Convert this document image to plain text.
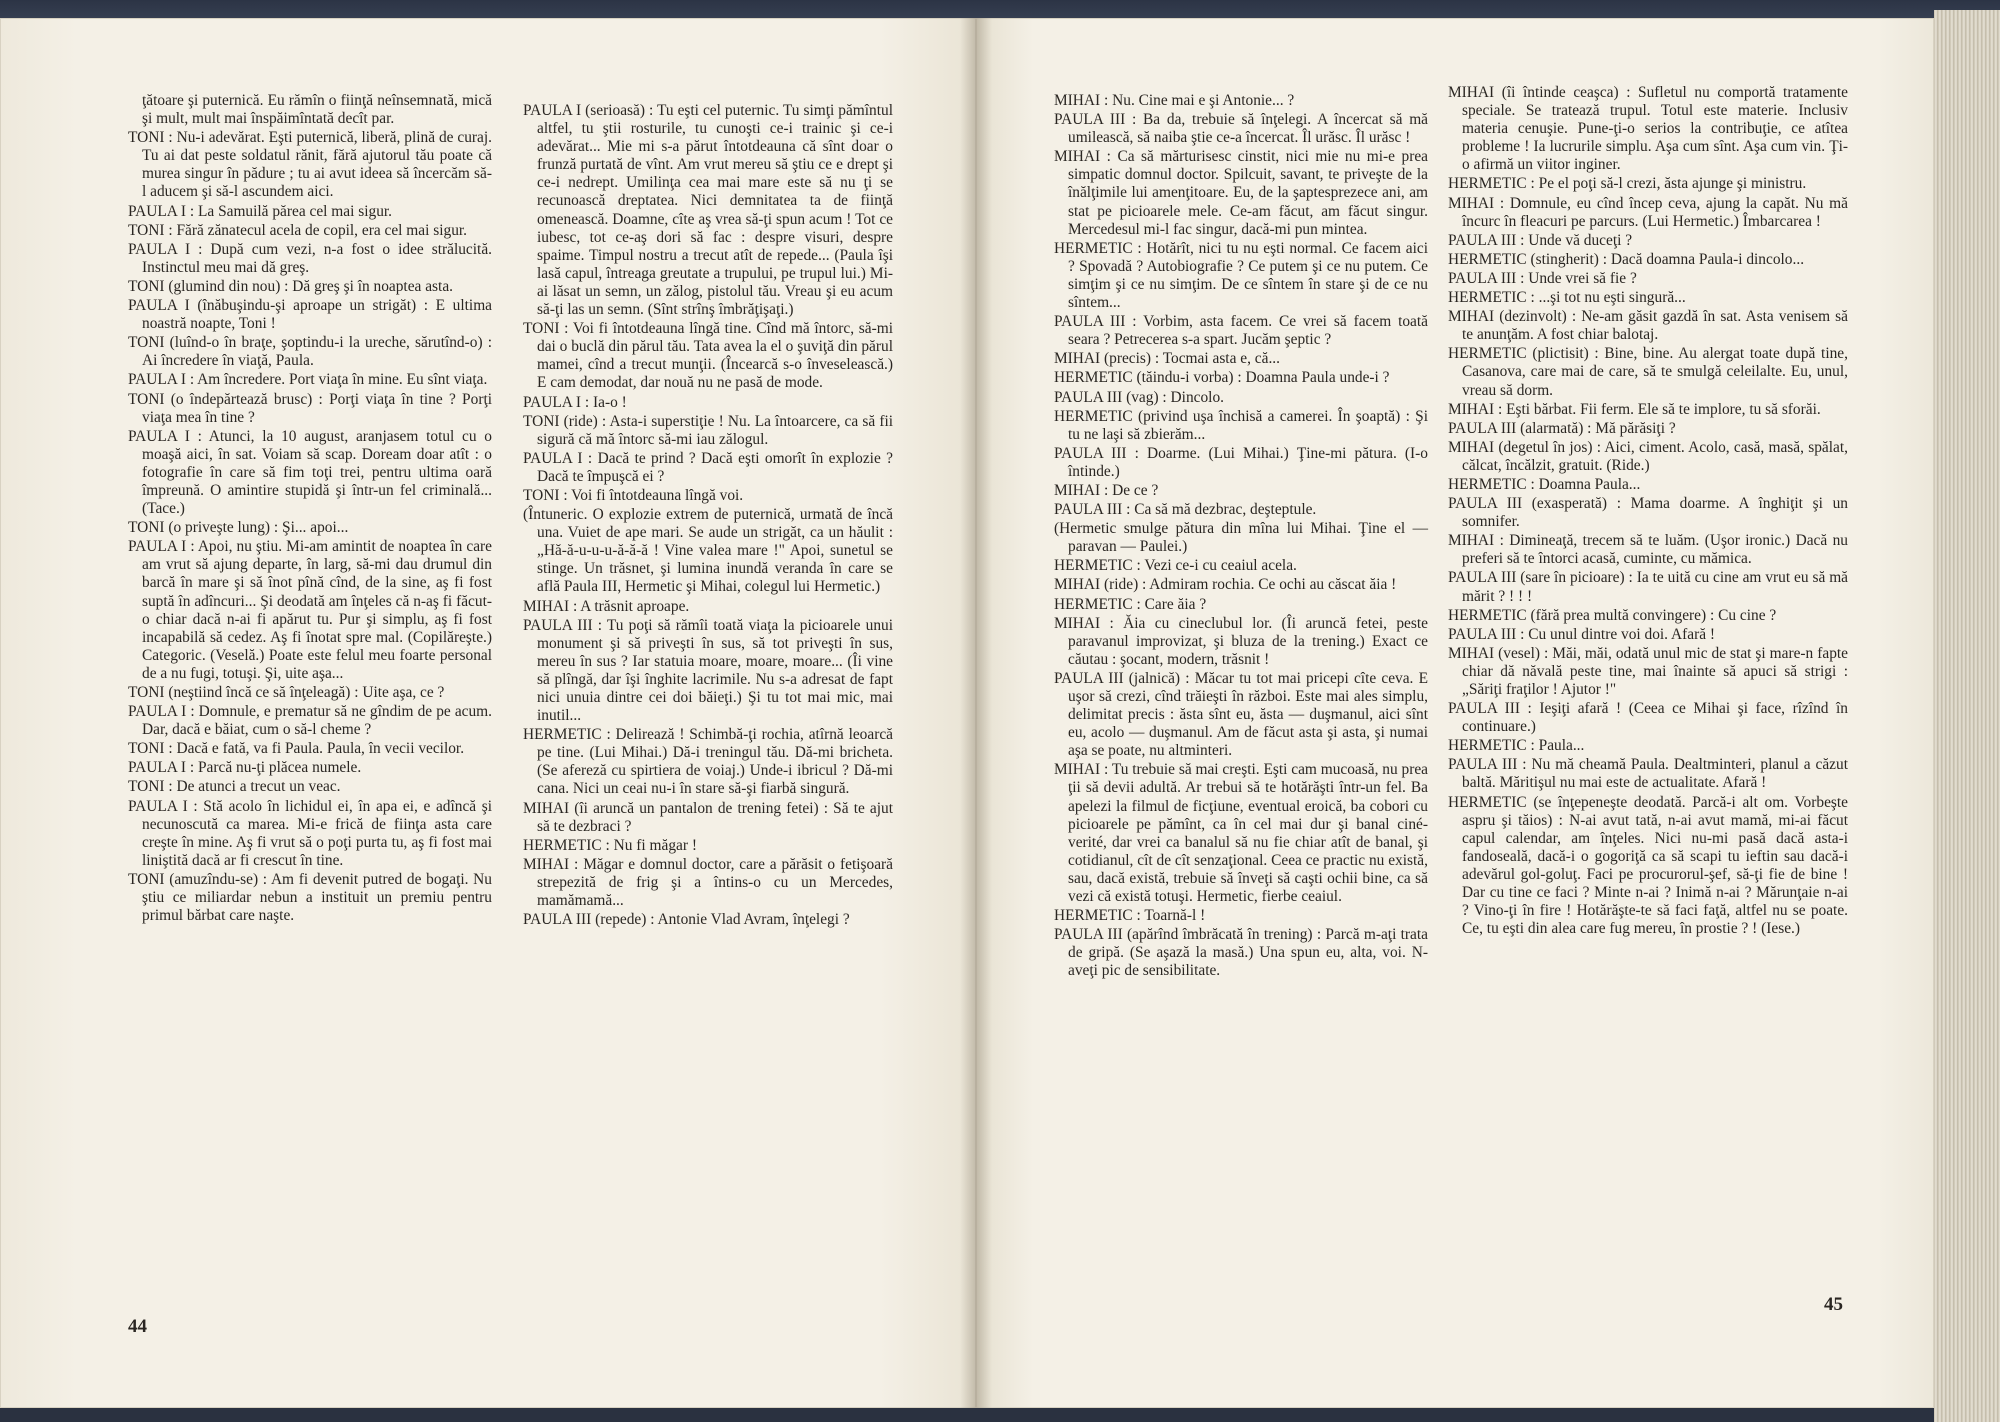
ţătoare şi puternică. Eu rămîn o fiinţă neînsemnată, mică şi mult, mult mai înspăimîntată decît par.

TONI : Nu-i adevărat. Eşti puternică, liberă, plină de curaj. Tu ai dat peste soldatul rănit, fără ajutorul tău poate că murea singur în pădure ; tu ai avut ideea să încercăm să-l aducem şi să-l ascundem aici.

PAULA I : La Samuilă părea cel mai sigur.

TONI : Fără zănatecul acela de copil, era cel mai sigur.

PAULA I : După cum vezi, n-a fost o idee strălucită. Instinctul meu mai dă greş.

TONI (glumind din nou) : Dă greş şi în noaptea asta.

PAULA I (înăbuşindu-şi aproape un strigăt) : E ultima noastră noapte, Toni !

TONI (luînd-o în braţe, şoptindu-i la ureche, sărutînd-o) : Ai încredere în viaţă, Paula.

PAULA I : Am încredere. Port viaţa în mine. Eu sînt viaţa.

TONI (o îndepărtează brusc) : Porţi viaţa în tine ? Porţi viaţa mea în tine ?

PAULA I : Atunci, la 10 august, aranjasem totul cu o moaşă aici, în sat. Voiam să scap. Doream doar atît : o fotografie în care să fim toţi trei, pentru ultima oară împreună. O amintire stupidă şi într-un fel criminală... (Tace.)

TONI (o priveşte lung) : Şi... apoi...

PAULA I : Apoi, nu ştiu. Mi-am amintit de noaptea în care am vrut să ajung departe, în larg, să-mi dau drumul din barcă în mare şi să înot pînă cînd, de la sine, aş fi fost suptă în adîncuri... Şi deodată am înţeles că n-aş fi făcut-o chiar dacă n-ai fi apărut tu. Pur şi simplu, aş fi fost incapabilă să cedez. Aş fi înotat spre mal. (Copilăreşte.) Categoric. (Veselă.) Poate este felul meu foarte personal de a nu fugi, totuşi. Şi, uite aşa...

TONI (neştiind încă ce să înţeleagă) : Uite aşa, ce ?

PAULA I : Domnule, e prematur să ne gîndim de pe acum. Dar, dacă e băiat, cum o să-l cheme ?

TONI : Dacă e fată, va fi Paula. Paula, în vecii vecilor.

PAULA I : Parcă nu-ţi plăcea numele.

TONI : De atunci a trecut un veac.

PAULA I : Stă acolo în lichidul ei, în apa ei, e adîncă şi necunoscută ca marea. Mi-e frică de fiinţa asta care creşte în mine. Aş fi vrut să o poţi purta tu, aş fi fost mai liniştită dacă ar fi crescut în tine.

TONI (amuzîndu-se) : Am fi devenit putred de bogaţi. Nu ştiu ce miliardar nebun a instituit un premiu pentru primul bărbat care naşte.

PAULA I (serioasă) : Tu eşti cel puternic. Tu simţi pămîntul altfel, tu ştii rosturile, tu cunoşti ce-i trainic şi ce-i adevărat... Mie mi s-a părut întotdeauna că sînt doar o frunză purtată de vînt. Am vrut mereu să ştiu ce e drept şi ce-i nedrept. Umilinţa cea mai mare este să nu ţi se recunoască dreptatea. Nici demnitatea ta de fiinţă omenească. Doamne, cîte aş vrea să-ţi spun acum ! Tot ce iubesc, tot ce-aş dori să fac : despre visuri, despre spaime. Timpul nostru a trecut atît de repede... (Paula îşi lasă capul, întreaga greutate a trupului, pe trupul lui.) Mi-ai lăsat un semn, un zălog, pistolul tău. Vreau şi eu acum să-ţi las un semn. (Sînt strînş îmbrăţişaţi.)

TONI : Voi fi întotdeauna lîngă tine. Cînd mă întorc, să-mi dai o buclă din părul tău. Tata avea la el o şuviţă din părul mamei, cînd a trecut munţii. (Încearcă s-o înveselească.) E cam demodat, dar nouă nu ne pasă de mode.

PAULA I : Ia-o !

TONI (ride) : Asta-i superstiţie ! Nu. La întoarcere, ca să fii sigură că mă întorc să-mi iau zălogul.

PAULA I : Dacă te prind ? Dacă eşti omorît în explozie ? Dacă te împuşcă ei ?

TONI : Voi fi întotdeauna lîngă voi.

(Întuneric. O explozie extrem de puternică, urmată de încă una. Vuiet de ape mari. Se aude un strigăt, ca un hăulit : „Hă-ă-u-u-u-ă-ă-ă ! Vine valea mare !" Apoi, sunetul se stinge. Un trăsnet, şi lumina inundă veranda în care se află Paula III, Hermetic şi Mihai, colegul lui Hermetic.)

MIHAI : A trăsnit aproape.

PAULA III : Tu poţi să rămîi toată viaţa la picioarele unui monument şi să priveşti în sus, să tot priveşti în sus, mereu în sus ? Iar statuia moare, moare, moare... (Îi vine să plîngă, dar îşi înghite lacrimile. Nu s-a adresat de fapt nici unuia dintre cei doi băieţi.) Şi tu tot mai mic, mai inutil...

HERMETIC : Delirează ! Schimbă-ţi rochia, atîrnă leoarcă pe tine. (Lui Mihai.) Dă-i treningul tău. Dă-mi bricheta. (Se afereză cu spirtiera de voiaj.) Unde-i ibricul ? Dă-mi cana. Nici un ceai nu-i în stare să-şi fiarbă singură.

MIHAI (îi aruncă un pantalon de trening fetei) : Să te ajut să te dezbraci ?

HERMETIC : Nu fi măgar !

MIHAI : Măgar e domnul doctor, care a părăsit o fetişoară strepezită de frig şi a întins-o cu un Mercedes, mamămamă...

PAULA III (repede) : Antonie Vlad Avram, înţelegi ?

44

MIHAI : Nu. Cine mai e şi Antonie... ?

PAULA III : Ba da, trebuie să înţelegi. A încercat să mă umilească, să naiba ştie ce-a încercat. Îl urăsc. Îl urăsc !

MIHAI : Ca să mărturisesc cinstit, nici mie nu mi-e prea simpatic domnul doctor. Spilcuit, savant, te priveşte de la înălţimile lui amenţitoare. Eu, de la şaptesprezece ani, am stat pe picioarele mele. Ce-am făcut, am făcut singur. Mercedesul mi-l fac singur, dacă-mi pun mintea.

HERMETIC : Hotărît, nici tu nu eşti normal. Ce facem aici ? Spovadă ? Autobiografie ? Ce putem şi ce nu putem. Ce simţim şi ce nu simţim. De ce sîntem în stare şi de ce nu sîntem...

PAULA III : Vorbim, asta facem. Ce vrei să facem toată seara ? Petrecerea s-a spart. Jucăm şeptic ?

MIHAI (precis) : Tocmai asta e, că...

HERMETIC (tăindu-i vorba) : Doamna Paula unde-i ?

PAULA III (vag) : Dincolo.

HERMETIC (privind uşa închisă a camerei. În şoaptă) : Şi tu ne laşi să zbierăm...

PAULA III : Doarme. (Lui Mihai.) Ţine-mi pătura. (I-o întinde.)

MIHAI : De ce ?

PAULA III : Ca să mă dezbrac, deşteptule.

(Hermetic smulge pătura din mîna lui Mihai. Ţine el — paravan — Paulei.)

HERMETIC : Vezi ce-i cu ceaiul acela.

MIHAI (ride) : Admiram rochia. Ce ochi au căscat ăia !

HERMETIC : Care ăia ?

MIHAI : Ăia cu cineclubul lor. (Îi aruncă fetei, peste paravanul improvizat, şi bluza de la trening.) Exact ce căutau : şocant, modern, trăsnit !

PAULA III (jalnică) : Măcar tu tot mai pricepi cîte ceva. E uşor să crezi, cînd trăieşti în război. Este mai ales simplu, delimitat precis : ăsta sînt eu, ăsta — duşmanul, aici sînt eu, acolo — duşmanul. Am de făcut asta şi asta, şi numai aşa se poate, nu altminteri.

MIHAI : Tu trebuie să mai creşti. Eşti cam mucoasă, nu prea ţii să devii adultă. Ar trebui să te hotărăşti într-un fel. Ba apelezi la filmul de ficţiune, eventual eroică, ba cobori cu picioarele pe pămînt, ca în cel mai dur şi banal ciné-verité, dar vrei ca banalul să nu fie chiar atît de banal, şi cotidianul, cît de cît senzaţional. Ceea ce practic nu există, sau, dacă există, trebuie să înveţi să caşti ochii bine, ca să vezi că există totuşi. Hermetic, fierbe ceaiul.

HERMETIC : Toarnă-l !

PAULA III (apărînd îmbrăcată în trening) : Parcă m-aţi trata de gripă. (Se aşază la masă.) Una spun eu, alta, voi. N-aveţi pic de sensibilitate.

MIHAI (îi întinde ceaşca) : Sufletul nu comportă tratamente speciale. Se tratează trupul. Totul este materie. Inclusiv materia cenuşie. Pune-ţi-o serios la contribuţie, ce atîtea probleme ! Ia lucrurile simplu. Aşa cum sînt. Aşa cum vin. Ţi-o afirmă un viitor inginer.

HERMETIC : Pe el poţi să-l crezi, ăsta ajunge şi ministru.

MIHAI : Domnule, eu cînd încep ceva, ajung la capăt. Nu mă încurc în fleacuri pe parcurs. (Lui Hermetic.) Îmbarcarea !

PAULA III : Unde vă duceţi ?

HERMETIC (stingherit) : Dacă doamna Paula-i dincolo...

PAULA III : Unde vrei să fie ?

HERMETIC : ...şi tot nu eşti singură...

MIHAI (dezinvolt) : Ne-am găsit gazdă în sat. Asta venisem să te anunţăm. A fost chiar balotaj.

HERMETIC (plictisit) : Bine, bine. Au alergat toate după tine, Casanova, care mai de care, să te smulgă celeilalte. Eu, unul, vreau să dorm.

MIHAI : Eşti bărbat. Fii ferm. Ele să te implore, tu să sforăi.

PAULA III (alarmată) : Mă părăsiţi ?

MIHAI (degetul în jos) : Aici, ciment. Acolo, casă, masă, spălat, călcat, încălzit, gratuit. (Ride.)

HERMETIC : Doamna Paula...

PAULA III (exasperată) : Mama doarme. A înghiţit şi un somnifer.

MIHAI : Dimineaţă, trecem să te luăm. (Uşor ironic.) Dacă nu preferi să te întorci acasă, cuminte, cu mămica.

PAULA III (sare în picioare) : Ia te uită cu cine am vrut eu să mă mărit ? ! ! !

HERMETIC (fără prea multă convingere) : Cu cine ?

PAULA III : Cu unul dintre voi doi. Afară !

MIHAI (vesel) : Măi, măi, odată unul mic de stat şi mare-n fapte chiar dă năvală peste tine, mai înainte să apuci să strigi : „Săriţi fraţilor ! Ajutor !"

PAULA III : Ieşiţi afară ! (Ceea ce Mihai şi face, rîzînd în continuare.)

HERMETIC : Paula...

PAULA III : Nu mă cheamă Paula. Dealtminteri, planul a căzut baltă. Măritişul nu mai este de actualitate. Afară !

HERMETIC (se înţepeneşte deodată. Parcă-i alt om. Vorbeşte aspru şi tăios) : N-ai avut tată, n-ai avut mamă, mi-ai făcut capul calendar, am înţeles. Nici nu-mi pasă dacă asta-i fandoseală, dacă-i o gogoriţă ca să scapi tu ieftin sau dacă-i adevărul gol-goluţ. Faci pe procurorul-şef, să-ţi fie de bine ! Dar cu tine ce faci ? Minte n-ai ? Inimă n-ai ? Mărunţaie n-ai ? Vino-ţi în fire ! Hotărăşte-te să faci faţă, altfel nu se poate. Ce, tu eşti din alea care fug mereu, în prostie ? ! (Iese.)

45
